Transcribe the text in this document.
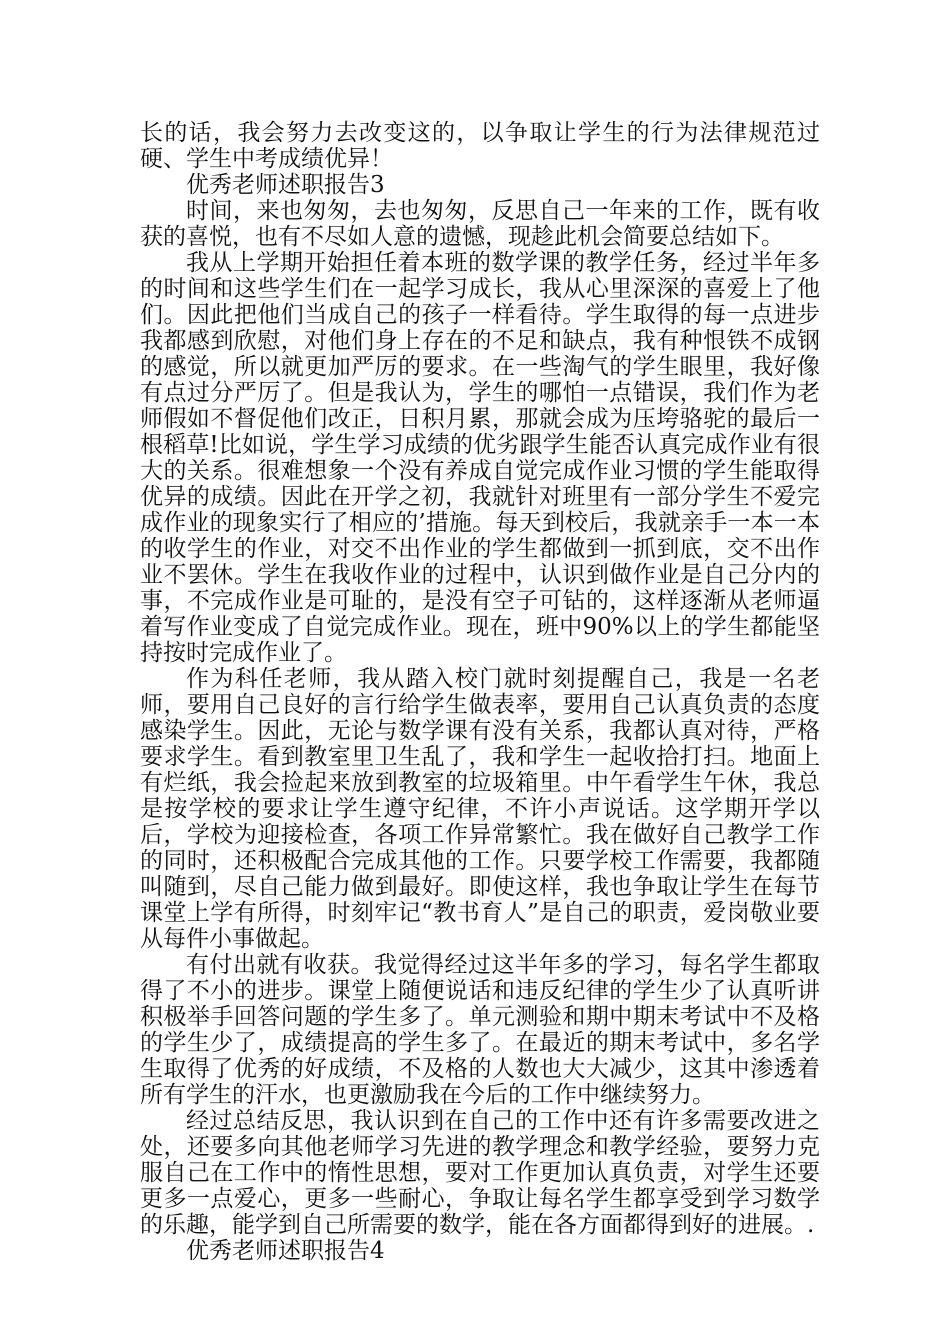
长的话，我会努力去改变这的，以争取让学生的行为法律规范过硬、学生中考成绩优异！

优秀老师述职报告3

时间，来也匆匆，去也匆匆，反思自己一年来的工作，既有收获的喜悦，也有不尽如人意的遗憾，现趁此机会简要总结如下。

我从上学期开始担任着本班的数学课的教学任务，经过半年多的时间和这些学生们在一起学习成长，我从心里深深的喜爱上了他们。因此把他们当成自己的孩子一样看待。学生取得的每一点进步我都感到欣慰，对他们身上存在的不足和缺点，我有种恨铁不成钢的感觉，所以就更加严厉的要求。在一些淘气的学生眼里，我好像有点过分严厉了。但是我认为，学生的哪怕一点错误，我们作为老师假如不督促他们改正，日积月累，那就会成为压垮骆驼的最后一根稻草!比如说，学生学习成绩的优劣跟学生能否认真完成作业有很大的关系。很难想象一个没有养成自觉完成作业习惯的学生能取得优异的成绩。因此在开学之初，我就针对班里有一部分学生不爱完成作业的现象实行了相应的’措施。每天到校后，我就亲手一本一本的收学生的作业，对交不出作业的学生都做到一抓到底，交不出作业不罢休。学生在我收作业的过程中，认识到做作业是自己分内的事，不完成作业是可耻的，是没有空子可钻的，这样逐渐从老师逼着写作业变成了自觉完成作业。现在，班中90%以上的学生都能坚持按时完成作业了。

作为科任老师，我从踏入校门就时刻提醒自己，我是一名老师，要用自己良好的言行给学生做表率，要用自己认真负责的态度感染学生。因此，无论与数学课有没有关系，我都认真对待，严格要求学生。看到教室里卫生乱了，我和学生一起收拾打扫。地面上有烂纸，我会捡起来放到教室的垃圾箱里。中午看学生午休，我总是按学校的要求让学生遵守纪律，不许小声说话。这学期开学以后，学校为迎接检查，各项工作异常繁忙。我在做好自己教学工作的同时，还积极配合完成其他的工作。只要学校工作需要，我都随叫随到，尽自己能力做到最好。即使这样，我也争取让学生在每节课堂上学有所得，时刻牢记“教书育人”是自己的职责，爱岗敬业要从每件小事做起。

有付出就有收获。我觉得经过这半年多的学习，每名学生都取得了不小的进步。课堂上随便说话和违反纪律的学生少了认真听讲积极举手回答问题的学生多了。单元测验和期中期末考试中不及格的学生少了，成绩提高的学生多了。在最近的期末考试中，多名学生取得了优秀的好成绩，不及格的人数也大大减少，这其中渗透着所有学生的汗水，也更激励我在今后的工作中继续努力。

经过总结反思，我认识到在自己的工作中还有许多需要改进之处，还要多向其他老师学习先进的教学理念和教学经验，要努力克服自己在工作中的惰性思想，要对工作更加认真负责，对学生还要更多一点爱心，更多一些耐心，争取让每名学生都享受到学习数学的乐趣，能学到自己所需要的数学，能在各方面都得到好的进展。.

优秀老师述职报告4
